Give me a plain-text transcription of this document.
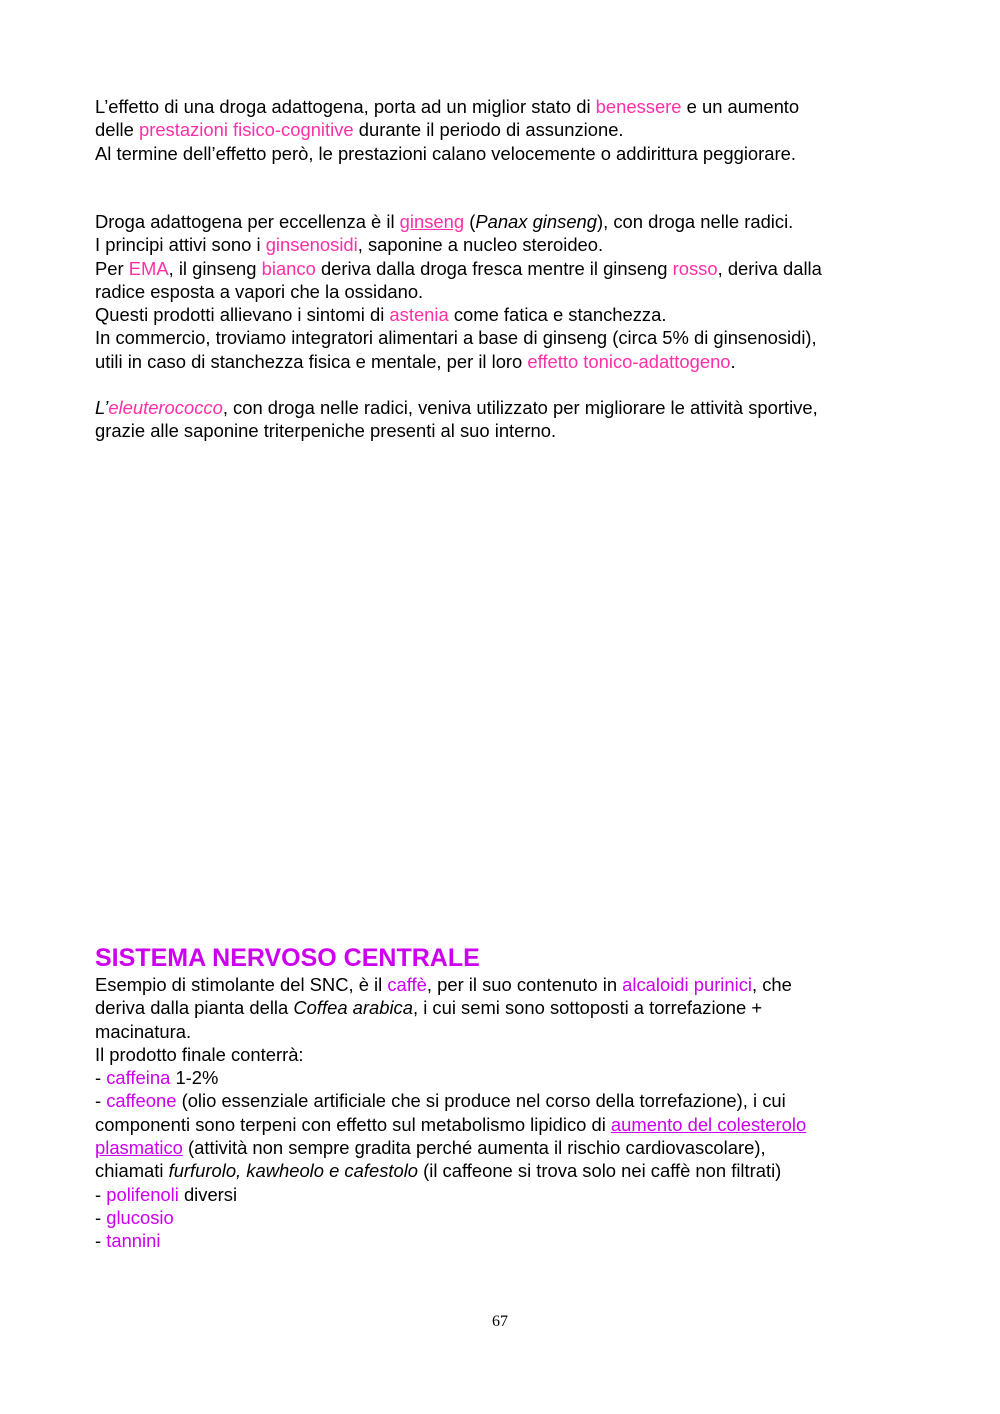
L’effetto di una droga adattogena, porta ad un miglior stato di benessere e un aumento
delle prestazioni fisico-cognitive durante il periodo di assunzione.
Al termine dell’effetto però, le prestazioni calano velocemente o addirittura peggiorare.
Droga adattogena per eccellenza è il ginseng (Panax ginseng), con droga nelle radici.
I principi attivi sono i ginsenosidi, saponine a nucleo steroideo.
Per EMA, il ginseng bianco deriva dalla droga fresca mentre il ginseng rosso, deriva dalla
radice esposta a vapori che la ossidano.
Questi prodotti allievano i sintomi di astenia come fatica e stanchezza.
In commercio, troviamo integratori alimentari a base di ginseng (circa 5% di ginsenosidi),
utili in caso di stanchezza fisica e mentale, per il loro effetto tonico-adattogeno.
L’eleuterococco, con droga nelle radici, veniva utilizzato per migliorare le attività sportive,
grazie alle saponine triterpeniche presenti al suo interno.
SISTEMA NERVOSO CENTRALE
Esempio di stimolante del SNC, è il caffè, per il suo contenuto in alcaloidi purinici, che
deriva dalla pianta della Coffea arabica, i cui semi sono sottoposti a torrefazione +
macinatura.
Il prodotto finale conterrà:
- caffeina 1-2%
- caffeone (olio essenziale artificiale che si produce nel corso della torrefazione), i cui
componenti sono terpeni con effetto sul metabolismo lipidico di aumento del colesterolo
plasmatico (attività non sempre gradita perché aumenta il rischio cardiovascolare),
chiamati furfurolo, kawheolo e cafestolo (il caffeone si trova solo nei caffè non filtrati)
- polifenoli diversi
- glucosio
- tannini
67
